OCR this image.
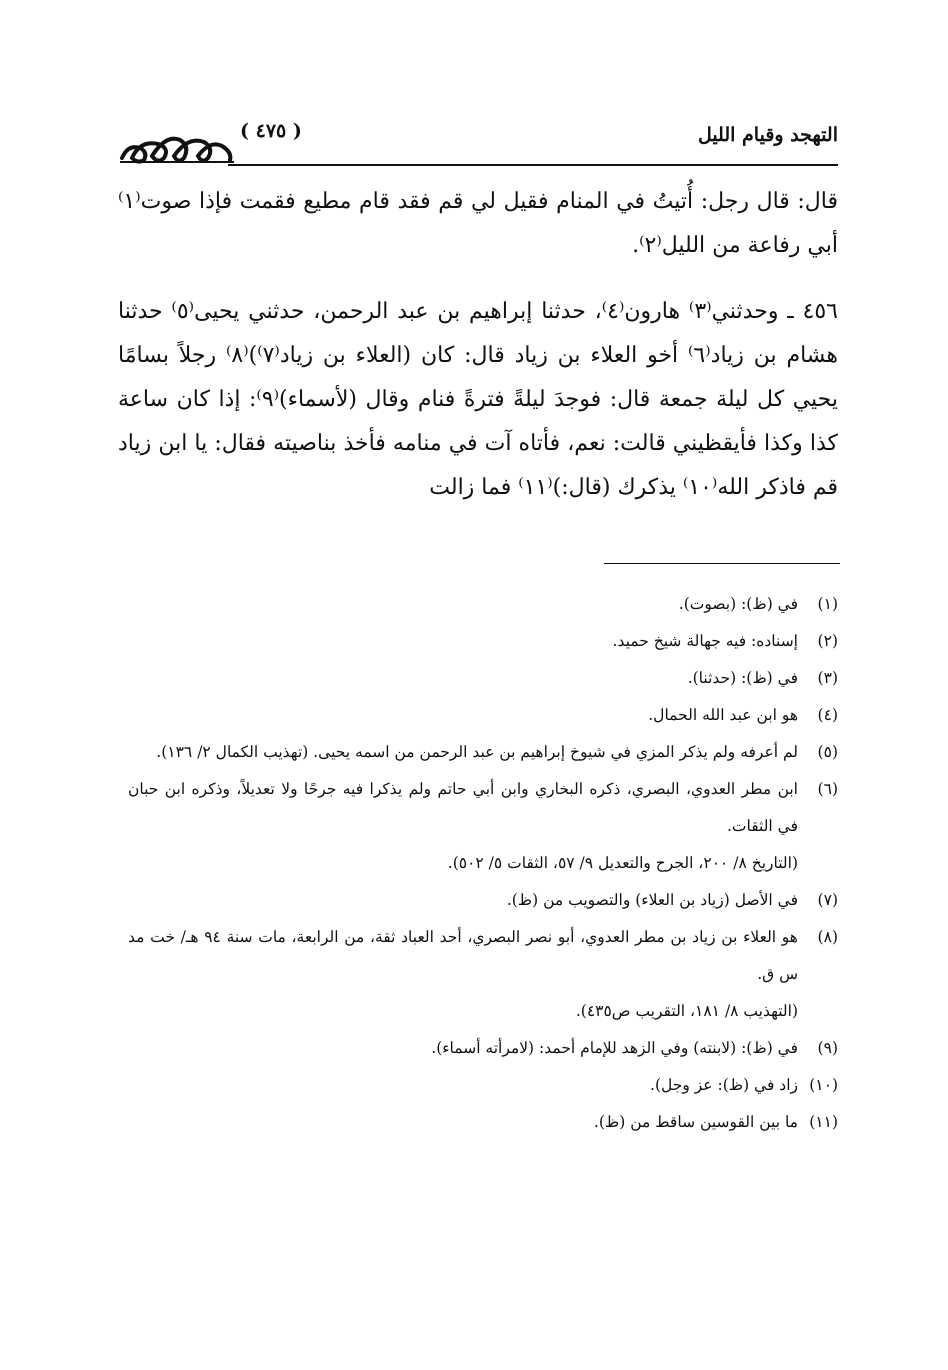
التهجد وقيام الليل
( ٤٧٥ )

قال: قال رجل: أُتيتُ في المنام فقيل لي قم فقد قام مطيع فقمت فإذا صوت⁽١⁾ أبي رفاعة من الليل⁽٢⁾.

٤٥٦ ـ وحدثني⁽٣⁾ هارون⁽٤⁾، حدثنا إبراهيم بن عبد الرحمن، حدثني يحيى⁽٥⁾ حدثنا هشام بن زياد⁽٦⁾ أخو العلاء بن زياد قال: كان (العلاء بن زياد⁽٧⁾)⁽٨⁾ رجلاً بسامًا يحيي كل ليلة جمعة قال: فوجدَ ليلةً فترةً فنام وقال (لأسماء)⁽٩⁾: إذا كان ساعة كذا وكذا فأيقظيني قالت: نعم، فأتاه آت في منامه فأخذ بناصيته فقال: يا ابن زياد قم فاذكر الله⁽١٠⁾ يذكرك (قال:)⁽١١⁾ فما زالت

(١)
في (ظ): (بصوت).
(٢)
إسناده: فيه جهالة شيخ حميد.
(٣)
في (ظ): (حدثنا).
(٤)
هو ابن عبد الله الحمال.
(٥)
لم أعرفه ولم يذكر المزي في شيوخ إبراهيم بن عبد الرحمن من اسمه يحيى. (تهذيب الكمال ٢/ ١٣٦).
(٦)
ابن مطر العدوي، البصري، ذكره البخاري وابن أبي حاتم ولم يذكرا فيه جرحًا ولا تعديلاً، وذكره ابن حبان في الثقات.
(التاريخ ٨/ ٢٠٠، الجرح والتعديل ٩/ ٥٧، الثقات ٥/ ٥٠٢).
(٧)
في الأصل (زياد بن العلاء) والتصويب من (ظ).
(٨)
هو العلاء بن زياد بن مطر العدوي، أبو نصر البصري، أحد العباد ثقة، من الرابعة، مات سنة ٩٤ هـ/ خت مد س ق.
(التهذيب ٨/ ١٨١، التقريب ص٤٣٥).
(٩)
في (ظ): (لابنته) وفي الزهد للإمام أحمد: (لامرأته أسماء).
(١٠)
زاد في (ظ): عز وجل).
(١١)
ما بين القوسين ساقط من (ظ).
